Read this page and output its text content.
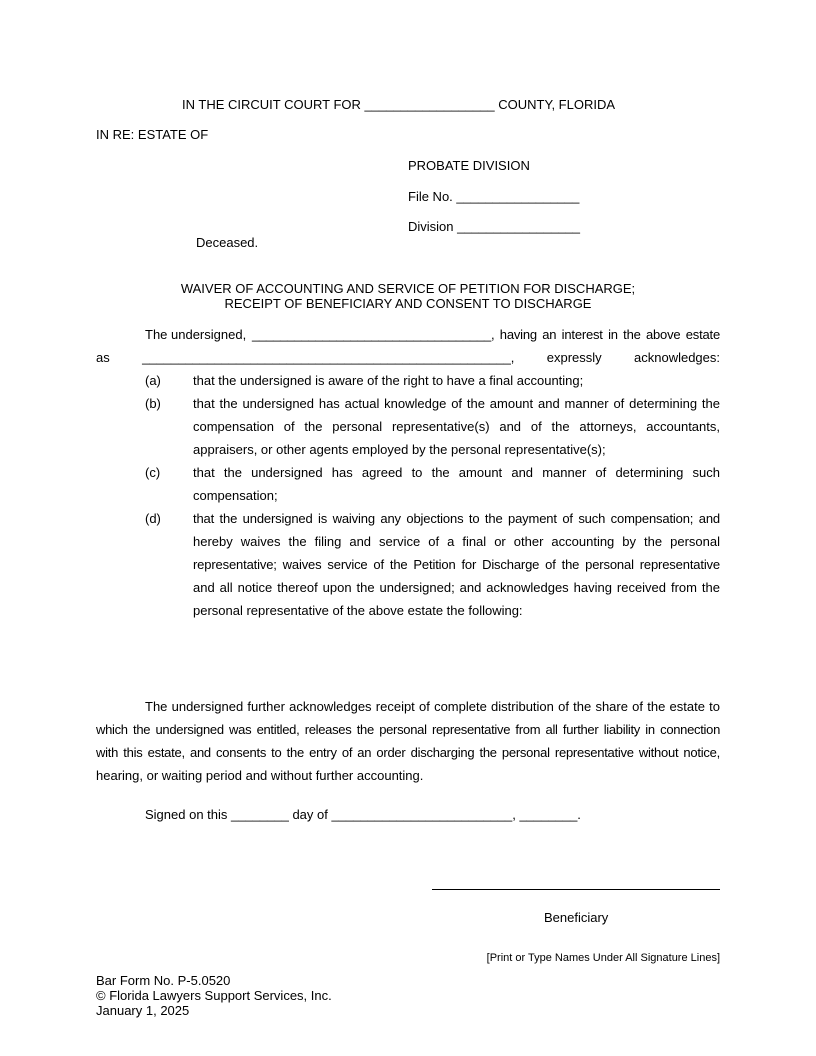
IN THE CIRCUIT COURT FOR __________________ COUNTY, FLORIDA
IN RE: ESTATE OF
PROBATE DIVISION
File No. _________________
Division _________________
Deceased.
WAIVER OF ACCOUNTING AND SERVICE OF PETITION FOR DISCHARGE;
RECEIPT OF BENEFICIARY AND CONSENT TO DISCHARGE
The undersigned, __________________________________, having an interest in the above estate
as ___________________________________________________, expressly acknowledges:
(a) that the undersigned is aware of the right to have a final accounting;
(b) that the undersigned has actual knowledge of the amount and manner of determining the
compensation of the personal representative(s) and of the attorneys, accountants,
appraisers, or other agents employed by the personal representative(s);
(c)	that the undersigned has agreed to the amount and manner of determining such
compensation;
(d) that the undersigned is waiving any objections to the payment of such compensation; and
hereby waives the filing and service of a final or other accounting by the personal
representative; waives service of the Petition for Discharge of the personal representative
and all notice thereof upon the undersigned; and acknowledges having received from the
personal representative of the above estate the following:
The undersigned further acknowledges receipt of complete distribution of the share of the estate to
which the undersigned was entitled, releases the personal representative from all further liability in connection
with this estate, and consents to the entry of an order discharging the personal representative without notice,
hearing, or waiting period and without further accounting.
Signed on this ________ day of _________________________, ________.
Beneficiary
[Print or Type Names Under All Signature Lines]
Bar Form No. P-5.0520
© Florida Lawyers Support Services, Inc.
January 1, 2025
